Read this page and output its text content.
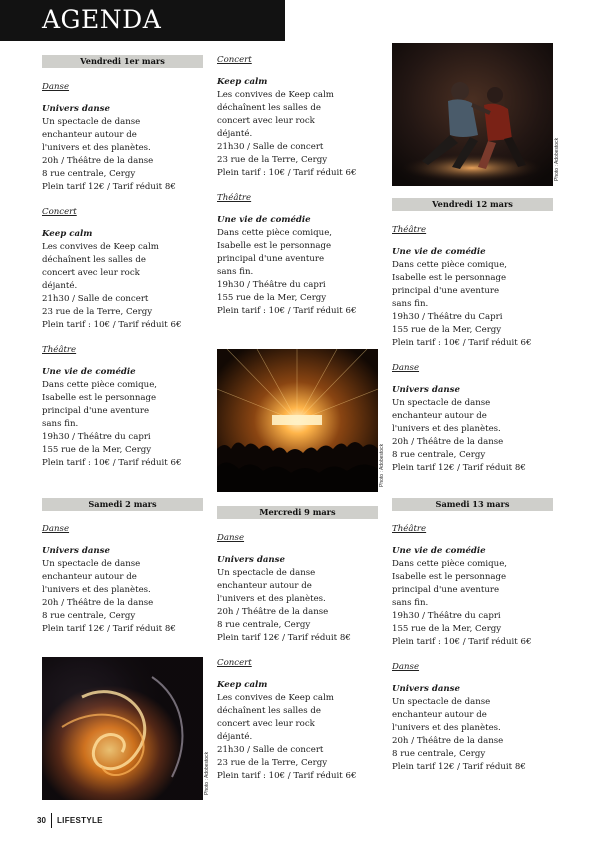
AGENDA
Vendredi 1er mars
Danse
Univers danse
Un spectacle de danse
enchanteur autour de
l'univers et des planètes.
20h / Théâtre de la danse
8 rue centrale, Cergy
Plein tarif 12€ / Tarif réduit 8€
Concert
Keep calm
Les convives de Keep calm
déchaînent les salles de
concert avec leur rock
déjanté.
21h30 / Salle de concert
23 rue de la Terre, Cergy
Plein tarif : 10€ / Tarif réduit 6€
Théâtre
Une vie de comédie
Dans cette pièce comique,
Isabelle est le personnage
principal d'une aventure
sans fin.
19h30 / Théâtre du capri
155 rue de la Mer, Cergy
Plein tarif : 10€ / Tarif réduit 6€
Samedi 2 mars
Danse
Univers danse
Un spectacle de danse
enchanteur autour de
l'univers et des planètes.
20h / Théâtre de la danse
8 rue centrale, Cergy
Plein tarif 12€ / Tarif réduit 8€
Photo : Adobestock
Concert
Keep calm
Les convives de Keep calm
déchaînent les salles de
concert avec leur rock
déjanté.
21h30 / Salle de concert
23 rue de la Terre, Cergy
Plein tarif : 10€ / Tarif réduit 6€
Théâtre
Une vie de comédie
Dans cette pièce comique,
Isabelle est le personnage
principal d'une aventure
sans fin.
19h30 / Théâtre du capri
155 rue de la Mer, Cergy
Plein tarif : 10€ / Tarif réduit 6€
Photo : Adobestock
Mercredi 9 mars
Danse
Univers danse
Un spectacle de danse
enchanteur autour de
l'univers et des planètes.
20h / Théâtre de la danse
8 rue centrale, Cergy
Plein tarif 12€ / Tarif réduit 8€
Concert
Keep calm
Les convives de Keep calm
déchaînent les salles de
concert avec leur rock
déjanté.
21h30 / Salle de concert
23 rue de la Terre, Cergy
Plein tarif : 10€ / Tarif réduit 6€
Photo : Adobestock
Vendredi 12 mars
Théâtre
Une vie de comédie
Dans cette pièce comique,
Isabelle est le personnage
principal d'une aventure
sans fin.
19h30 / Théâtre du Capri
155 rue de la Mer, Cergy
Plein tarif : 10€ / Tarif réduit 6€
Danse
Univers danse
Un spectacle de danse
enchanteur autour de
l'univers et des planètes.
20h / Théâtre de la danse
8 rue centrale, Cergy
Plein tarif 12€ / Tarif réduit 8€
Samedi 13 mars
Théâtre
Une vie de comédie
Dans cette pièce comique,
Isabelle est le personnage
principal d'une aventure
sans fin.
19h30 / Théâtre du capri
155 rue de la Mer, Cergy
Plein tarif : 10€ / Tarif réduit 6€
Danse
Univers danse
Un spectacle de danse
enchanteur autour de
l'univers et des planètes.
20h / Théâtre de la danse
8 rue centrale, Cergy
Plein tarif 12€ / Tarif réduit 8€
30 LIFESTYLE
